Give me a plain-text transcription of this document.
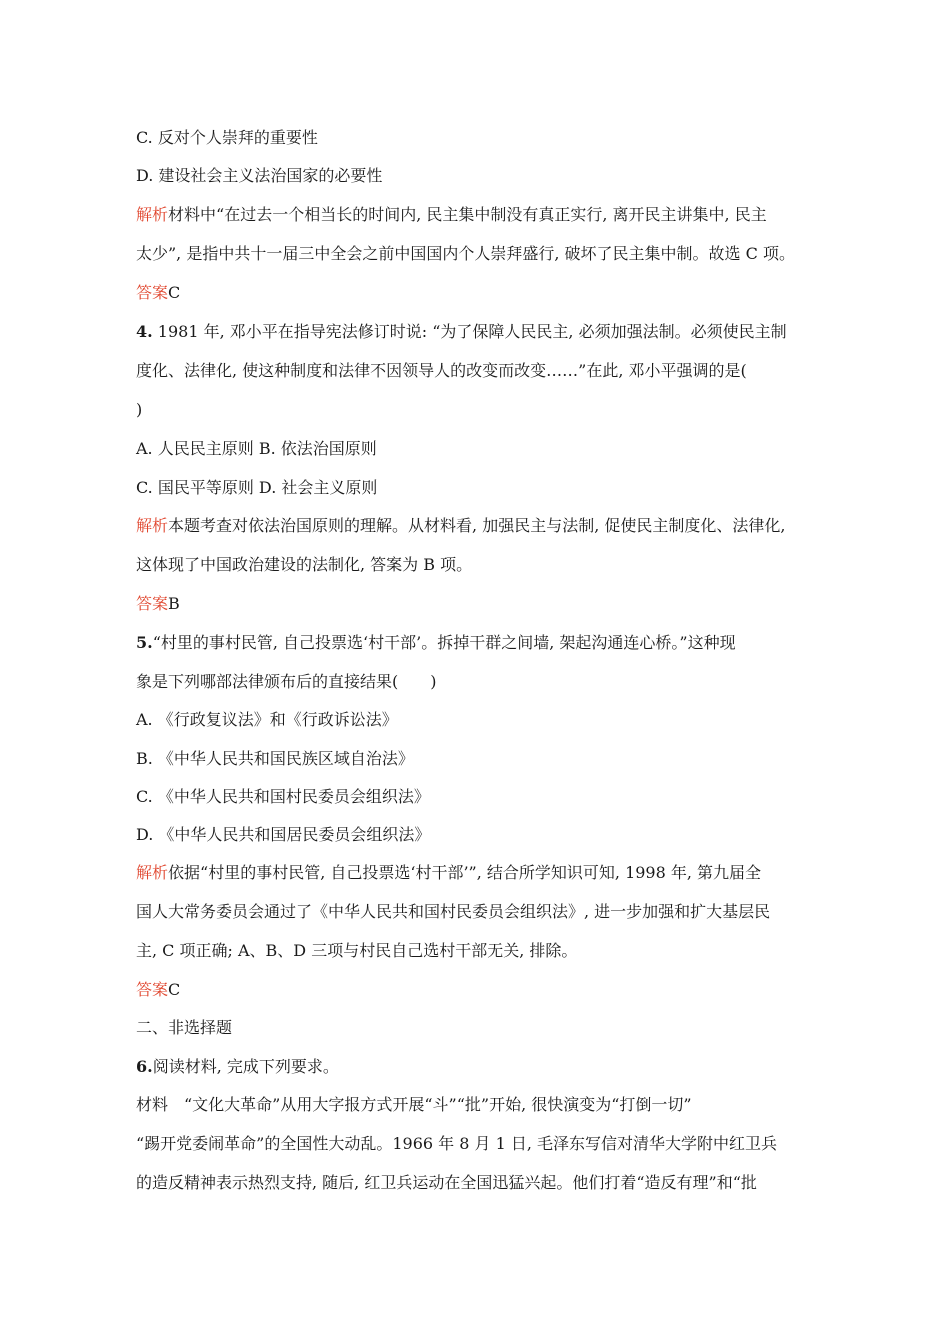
C. 反对个人崇拜的重要性
D. 建设社会主义法治国家的必要性
解析材料中“在过去一个相当长的时间内, 民主集中制没有真正实行, 离开民主讲集中, 民主
太少”, 是指中共十一届三中全会之前中国国内个人崇拜盛行, 破坏了民主集中制。故选 C 项。
答案C
4. 1981 年, 邓小平在指导宪法修订时说: “为了保障人民民主, 必须加强法制。必须使民主制
度化、法律化, 使这种制度和法律不因领导人的改变而改变……”在此, 邓小平强调的是(
)
A. 人民民主原则 B. 依法治国原则
C. 国民平等原则 D. 社会主义原则
解析本题考查对依法治国原则的理解。从材料看, 加强民主与法制, 促使民主制度化、法律化,
这体现了中国政治建设的法制化, 答案为 B 项。
答案B
5.“村里的事村民管, 自己投票选‘村干部’。拆掉干群之间墙, 架起沟通连心桥。”这种现
象是下列哪部法律颁布后的直接结果(　　)
A. 《行政复议法》和《行政诉讼法》
B. 《中华人民共和国民族区域自治法》
C. 《中华人民共和国村民委员会组织法》
D. 《中华人民共和国居民委员会组织法》
解析依据“村里的事村民管, 自己投票选‘村干部’”, 结合所学知识可知, 1998 年, 第九届全
国人大常务委员会通过了《中华人民共和国村民委员会组织法》, 进一步加强和扩大基层民
主, C 项正确; A、B、D 三项与村民自己选村干部无关, 排除。
答案C
二、非选择题
6.阅读材料, 完成下列要求。
材料　“文化大革命”从用大字报方式开展“斗”“批”开始, 很快演变为“打倒一切”
“踢开党委闹革命”的全国性大动乱。1966 年 8 月 1 日, 毛泽东写信对清华大学附中红卫兵
的造反精神表示热烈支持, 随后, 红卫兵运动在全国迅猛兴起。他们打着“造反有理”和“批
